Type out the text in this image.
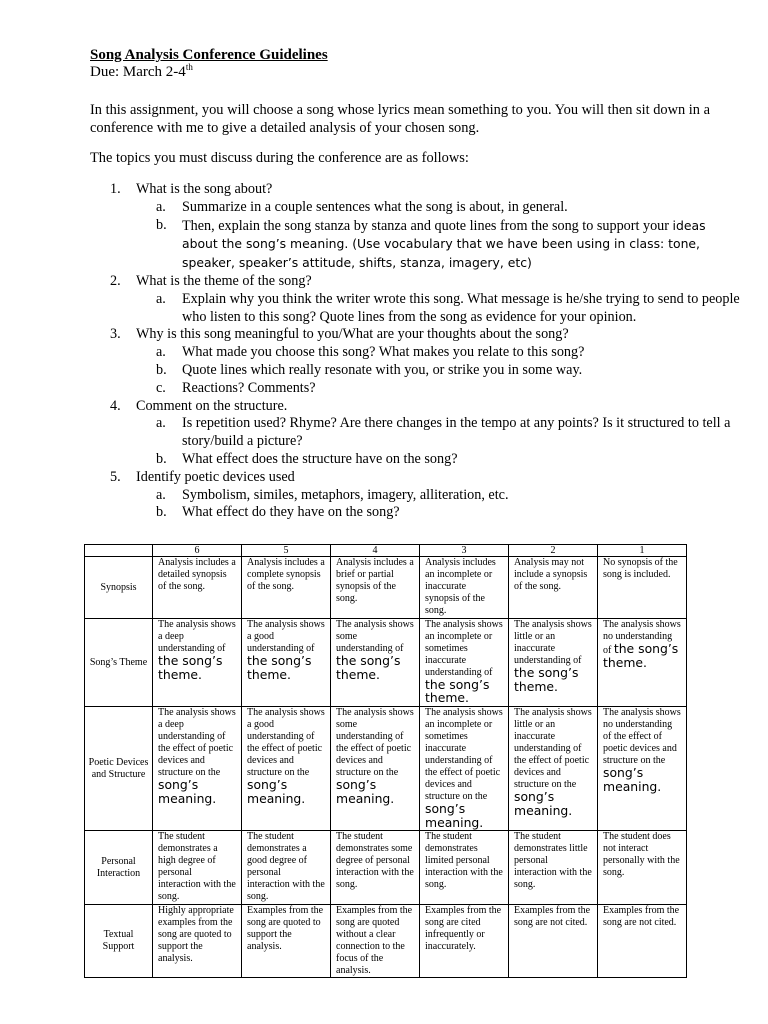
Song Analysis Conference Guidelines
Due: March 2-4th
In this assignment, you will choose a song whose lyrics mean something to you. You will then sit down in a conference with me to give a detailed analysis of your chosen song.
The topics you must discuss during the conference are as follows:
1.	What is the song about?
a.	Summarize in a couple sentences what the song is about, in general.
b.	Then, explain the song stanza by stanza and quote lines from the song to support your ideas about the song’s meaning. (Use vocabulary that we have been using in class: tone, speaker, speaker’s attitude, shifts, stanza, imagery, etc)
2.	What is the theme of the song?
a.	Explain why you think the writer wrote this song. What message is he/she trying to send to people who listen to this song? Quote lines from the song as evidence for your opinion.
3.	Why is this song meaningful to you/What are your thoughts about the song?
a.	What made you choose this song? What makes you relate to this song?
b.	Quote lines which really resonate with you, or strike you in some way.
c.	Reactions? Comments?
4.	Comment on the structure.
a.	Is repetition used? Rhyme? Are there changes in the tempo at any points? Is it structured to tell a story/build a picture?
b.	What effect does the structure have on the song?
5.	Identify poetic devices used
a.	Symbolism, similes, metaphors, imagery, alliteration, etc.
b.	What effect do they have on the song?
	6	5	4	3	2	1
Synopsis	Analysis includes a detailed synopsis of the song.	Analysis includes a complete synopsis of the song.	Analysis includes a brief or partial synopsis of the song.	Analysis includes an incomplete or inaccurate synopsis of the song.	Analysis may not include a synopsis of the song.	No synopsis of the song is included.
Song’s Theme	The analysis shows a deep understanding of the song’s theme.	The analysis shows a good understanding of the song’s theme.	The analysis shows some understanding of the song’s theme.	The analysis shows an incomplete or sometimes inaccurate understanding of the song’s theme.	The analysis shows little or an inaccurate understanding of the song’s theme.	The analysis shows no understanding of the song’s theme.
Poetic Devices and Structure	The analysis shows a deep understanding of the effect of poetic devices and structure on the song’s meaning.	The analysis shows a good understanding of the effect of poetic devices and structure on the song’s meaning.	The analysis shows some understanding of the effect of poetic devices and structure on the song’s meaning.	The analysis shows an incomplete or sometimes inaccurate understanding of the effect of poetic devices and structure on the song’s meaning.	The analysis shows little or an inaccurate understanding of the effect of poetic devices and structure on the song’s meaning.	The analysis shows no understanding of the effect of poetic devices and structure on the song’s meaning.
Personal Interaction	The student demonstrates a high degree of personal interaction with the song.	The student demonstrates a good degree of personal interaction with the song.	The student demonstrates some degree of personal interaction with the song.	The student demonstrates limited personal interaction with the song.	The student demonstrates little personal interaction with the song.	The student does not interact personally with the song.
Textual Support	Highly appropriate examples from the song are quoted to support the analysis.	Examples from the song are quoted to support the analysis.	Examples from the song are quoted without a clear connection to the focus of the analysis.	Examples from the song are cited infrequently or inaccurately.	Examples from the song are not cited.	Examples from the song are not cited.
